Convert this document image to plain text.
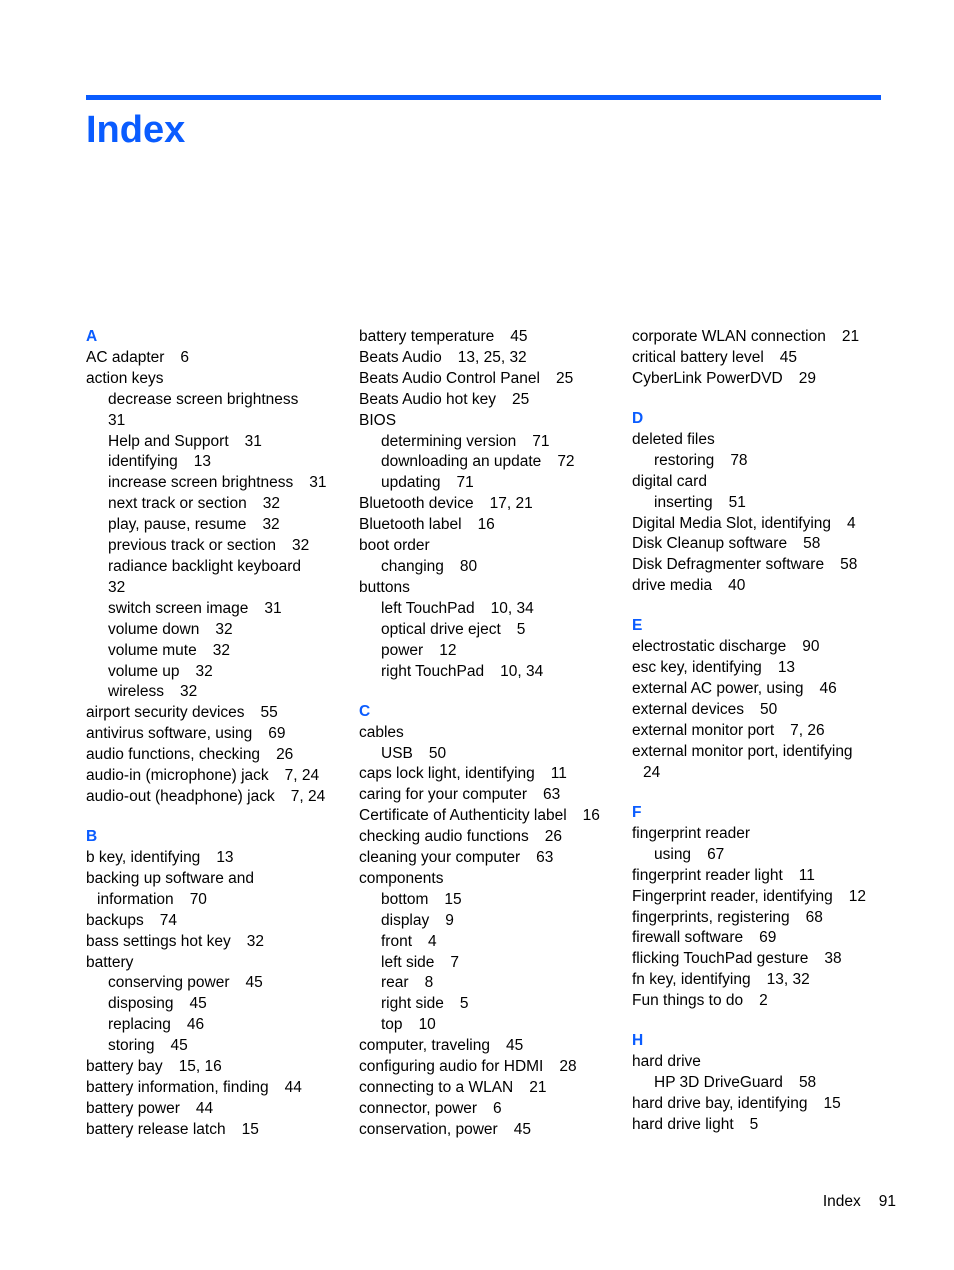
Index
A
AC adapter 6
action keys
decrease screen brightness
31
Help and Support 31
identifying 13
increase screen brightness 31
next track or section 32
play, pause, resume 32
previous track or section 32
radiance backlight keyboard
32
switch screen image 31
volume down 32
volume mute 32
volume up 32
wireless 32
airport security devices 55
antivirus software, using 69
audio functions, checking 26
audio-in (microphone) jack 7, 24
audio-out (headphone) jack 7, 24
B
b key, identifying 13
backing up software and
information 70
backups 74
bass settings hot key 32
battery
conserving power 45
disposing 45
replacing 46
storing 45
battery bay 15, 16
battery information, finding 44
battery power 44
battery release latch 15
battery temperature 45
Beats Audio 13, 25, 32
Beats Audio Control Panel 25
Beats Audio hot key 25
BIOS
determining version 71
downloading an update 72
updating 71
Bluetooth device 17, 21
Bluetooth label 16
boot order
changing 80
buttons
left TouchPad 10, 34
optical drive eject 5
power 12
right TouchPad 10, 34
C
cables
USB 50
caps lock light, identifying 11
caring for your computer 63
Certificate of Authenticity label 16
checking audio functions 26
cleaning your computer 63
components
bottom 15
display 9
front 4
left side 7
rear 8
right side 5
top 10
computer, traveling 45
configuring audio for HDMI 28
connecting to a WLAN 21
connector, power 6
conservation, power 45
corporate WLAN connection 21
critical battery level 45
CyberLink PowerDVD 29
D
deleted files
restoring 78
digital card
inserting 51
Digital Media Slot, identifying 4
Disk Cleanup software 58
Disk Defragmenter software 58
drive media 40
E
electrostatic discharge 90
esc key, identifying 13
external AC power, using 46
external devices 50
external monitor port 7, 26
external monitor port, identifying
24
F
fingerprint reader
using 67
fingerprint reader light 11
Fingerprint reader, identifying 12
fingerprints, registering 68
firewall software 69
flicking TouchPad gesture 38
fn key, identifying 13, 32
Fun things to do 2
H
hard drive
HP 3D DriveGuard 58
hard drive bay, identifying 15
hard drive light 5
Index 91
